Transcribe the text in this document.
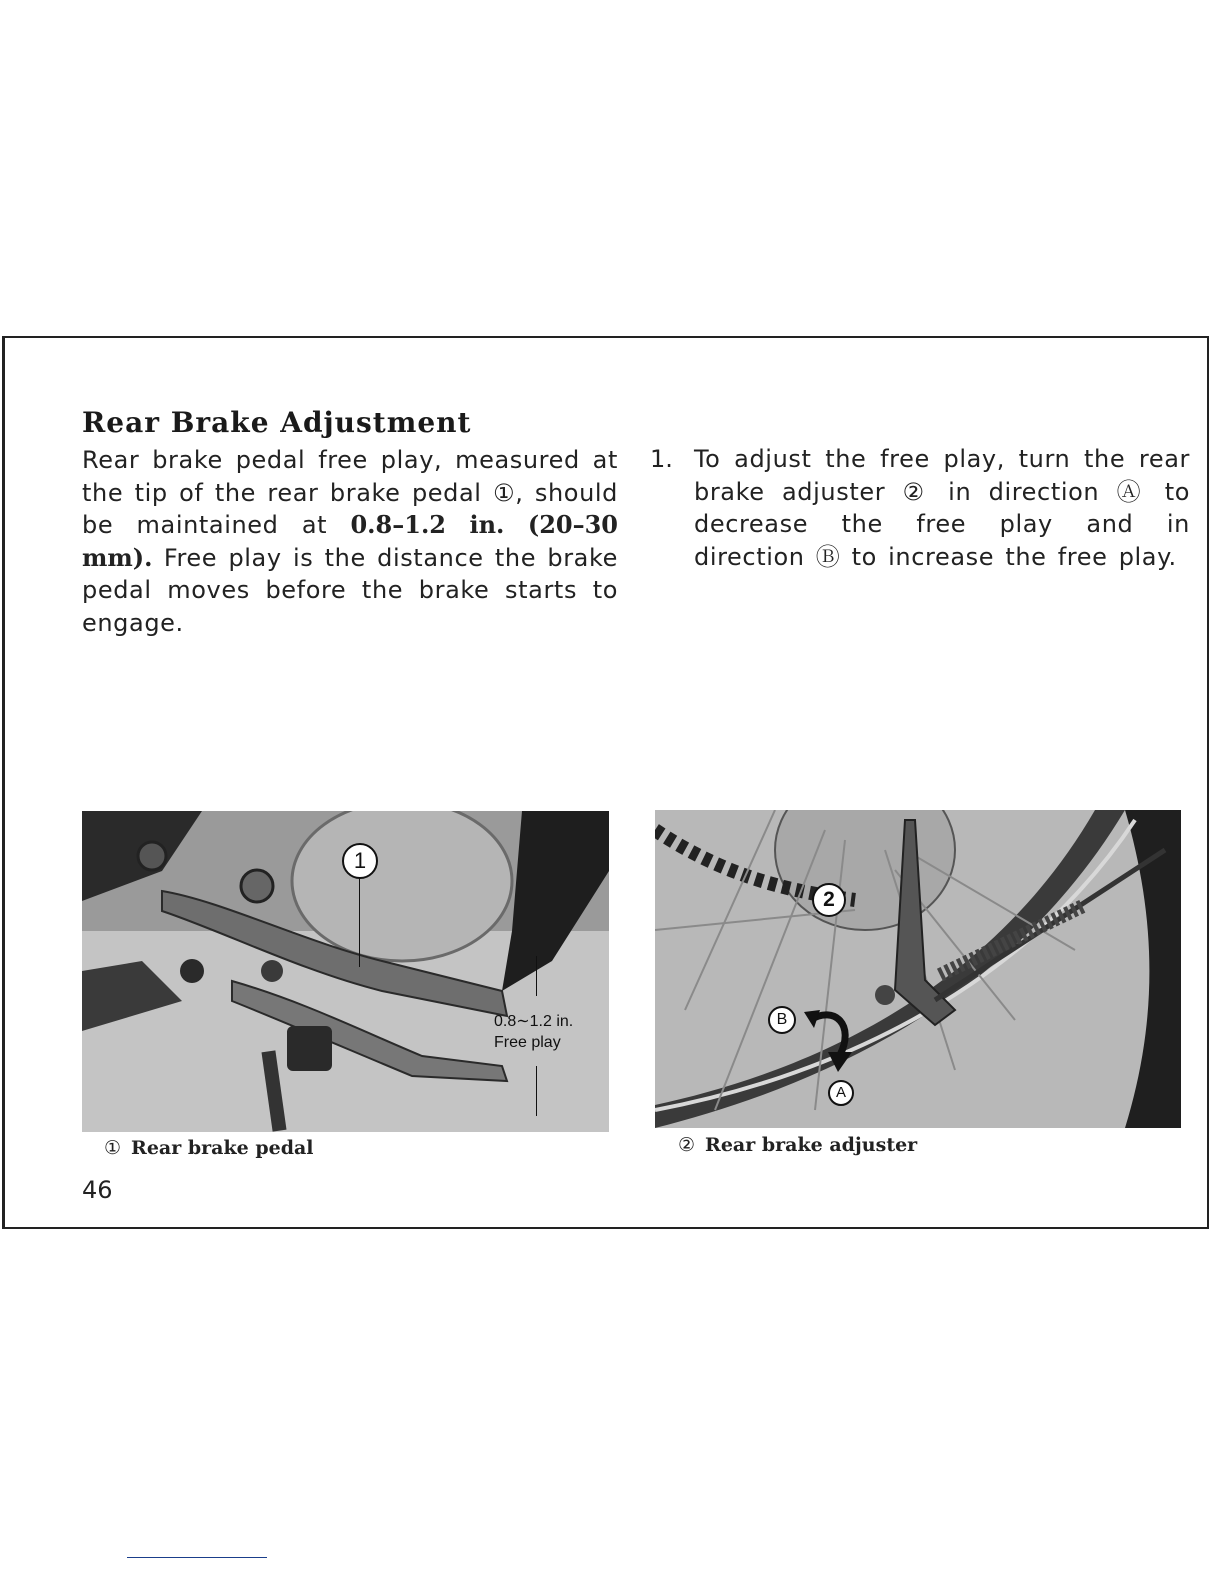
Rear Brake Adjustment

Rear brake pedal free play, measured at the tip of the rear brake pedal ①, should be maintained at 0.8–1.2 in. (20–30 mm). Free play is the distance the brake pedal moves before the brake starts to engage.

1. To adjust the free play, turn the rear brake adjuster ② in direction Ⓐ to decrease the free play and in direction Ⓑ to increase the free play.

1
0.8∼1.2 in.
Free play
① Rear brake pedal
2
B
A
② Rear brake adjuster
46
